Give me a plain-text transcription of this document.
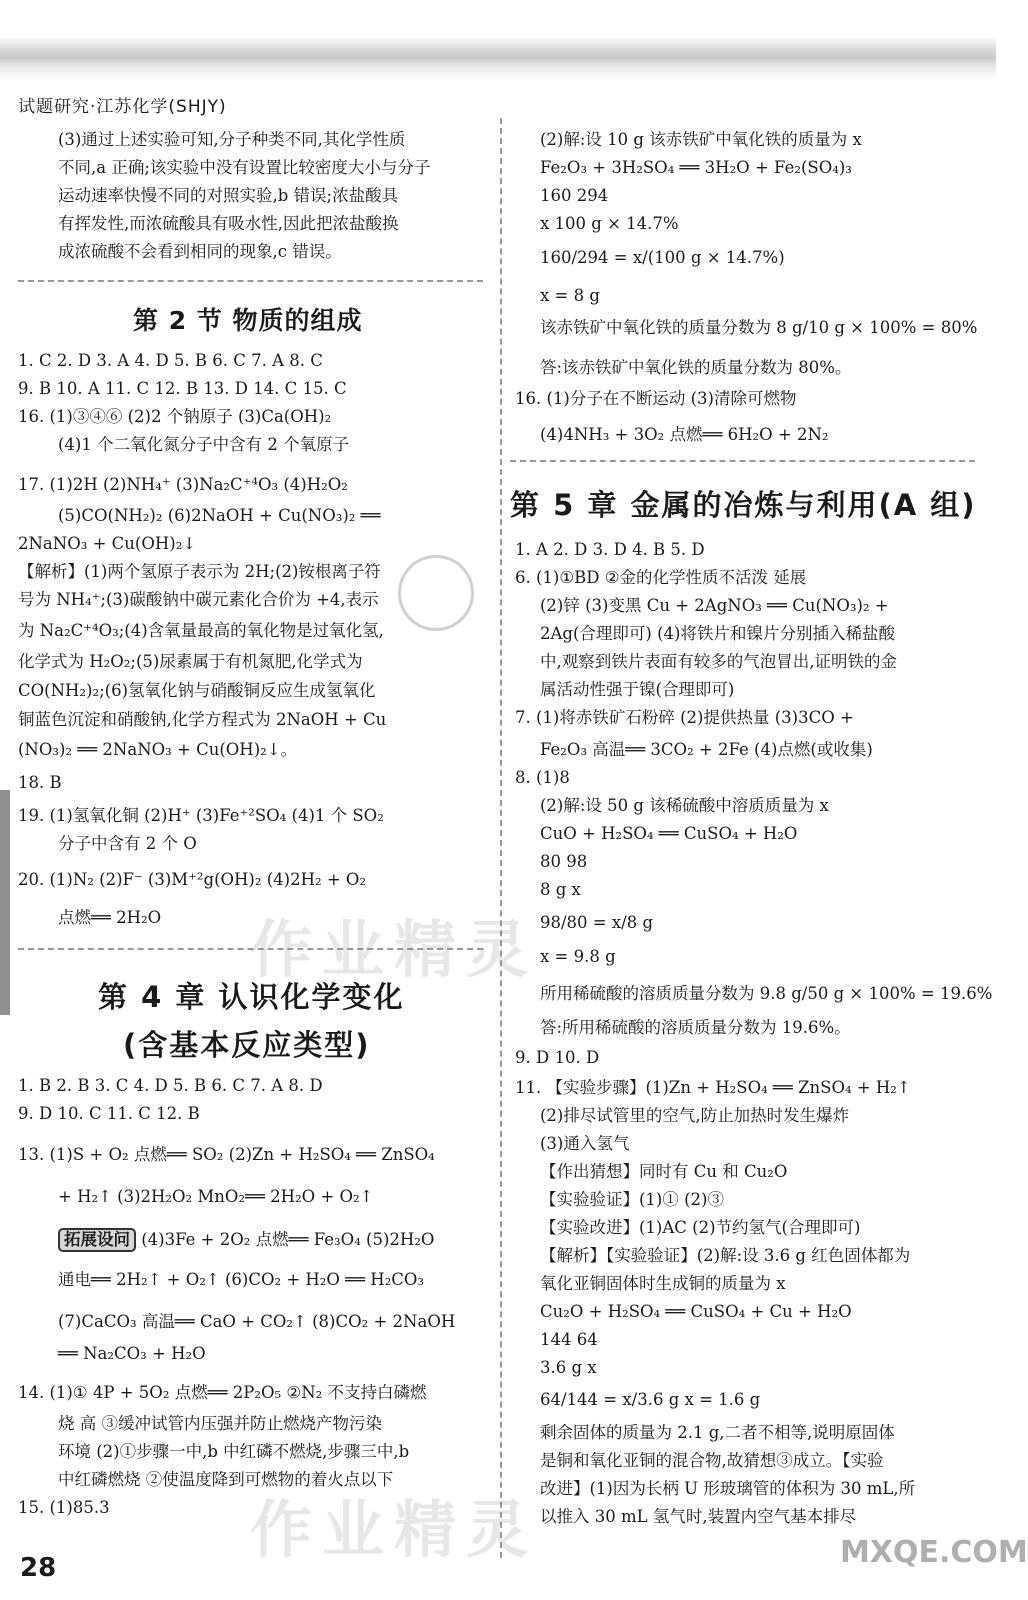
试题研究·江苏化学(SHJY)
(3)通过上述实验可知,分子种类不同,其化学性质
不同,a 正确;该实验中没有设置比较密度大小与分子
运动速率快慢不同的对照实验,b 错误;浓盐酸具
有挥发性,而浓硫酸具有吸水性,因此把浓盐酸换
成浓硫酸不会看到相同的现象,c 错误。
第 2 节 物质的组成
1. C 2. D 3. A 4. D 5. B 6. C 7. A 8. C
9. B 10. A 11. C 12. B 13. D 14. C 15. C
16. (1)③④⑥ (2)2 个钠原子 (3)Ca(OH)₂
(4)1 个二氧化氮分子中含有 2 个氧原子
17. (1)2H (2)NH₄⁺ (3)Na₂C⁺⁴O₃ (4)H₂O₂
(5)CO(NH₂)₂ (6)2NaOH + Cu(NO₃)₂ ══
2NaNO₃ + Cu(OH)₂↓
【解析】(1)两个氢原子表示为 2H;(2)铵根离子符
号为 NH₄⁺;(3)碳酸钠中碳元素化合价为 +4,表示
为 Na₂C⁺⁴O₃;(4)含氧量最高的氧化物是过氧化氢,
化学式为 H₂O₂;(5)尿素属于有机氮肥,化学式为
CO(NH₂)₂;(6)氢氧化钠与硝酸铜反应生成氢氧化
铜蓝色沉淀和硝酸钠,化学方程式为 2NaOH + Cu
(NO₃)₂ ══ 2NaNO₃ + Cu(OH)₂↓。
18. B
19. (1)氢氧化铜 (2)H⁺ (3)Fe⁺²SO₄ (4)1 个 SO₂
分子中含有 2 个 O
20. (1)N₂ (2)F⁻ (3)M⁺²g(OH)₂ (4)2H₂ + O₂
点燃══ 2H₂O
第 4 章 认识化学变化
(含基本反应类型)
1. B 2. B 3. C 4. D 5. B 6. C 7. A 8. D
9. D 10. C 11. C 12. B
13. (1)S + O₂ 点燃══ SO₂ (2)Zn + H₂SO₄ ══ ZnSO₄
+ H₂↑ (3)2H₂O₂ MnO₂══ 2H₂O + O₂↑
拓展设问 (4)3Fe + 2O₂ 点燃══ Fe₃O₄ (5)2H₂O
通电══ 2H₂↑ + O₂↑ (6)CO₂ + H₂O ══ H₂CO₃
(7)CaCO₃ 高温══ CaO + CO₂↑ (8)CO₂ + 2NaOH
══ Na₂CO₃ + H₂O
14. (1)① 4P + 5O₂ 点燃══ 2P₂O₅ ②N₂ 不支持白磷燃
烧 高 ③缓冲试管内压强并防止燃烧产物污染
环境 (2)①步骤一中,b 中红磷不燃烧,步骤三中,b
中红磷燃烧 ②使温度降到可燃物的着火点以下
15. (1)85.3
(2)解:设 10 g 该赤铁矿中氧化铁的质量为 x
Fe₂O₃ + 3H₂SO₄ ══ 3H₂O + Fe₂(SO₄)₃
160 294
x 100 g × 14.7%
160/294 = x/(100 g × 14.7%)
x = 8 g
该赤铁矿中氧化铁的质量分数为 8 g/10 g × 100% = 80%
答:该赤铁矿中氧化铁的质量分数为 80%。
16. (1)分子在不断运动 (3)清除可燃物
(4)4NH₃ + 3O₂ 点燃══ 6H₂O + 2N₂
第 5 章 金属的冶炼与利用(A 组)
1. A 2. D 3. D 4. B 5. D
6. (1)①BD ②金的化学性质不活泼 延展
(2)锌 (3)变黑 Cu + 2AgNO₃ ══ Cu(NO₃)₂ +
2Ag(合理即可) (4)将铁片和镍片分别插入稀盐酸
中,观察到铁片表面有较多的气泡冒出,证明铁的金
属活动性强于镍(合理即可)
7. (1)将赤铁矿石粉碎 (2)提供热量 (3)3CO +
Fe₂O₃ 高温══ 3CO₂ + 2Fe (4)点燃(或收集)
8. (1)8
(2)解:设 50 g 该稀硫酸中溶质质量为 x
CuO + H₂SO₄ ══ CuSO₄ + H₂O
80 98
8 g x
98/80 = x/8 g
x = 9.8 g
所用稀硫酸的溶质质量分数为 9.8 g/50 g × 100% = 19.6%
答:所用稀硫酸的溶质质量分数为 19.6%。
9. D 10. D
11. 【实验步骤】(1)Zn + H₂SO₄ ══ ZnSO₄ + H₂↑
(2)排尽试管里的空气,防止加热时发生爆炸
(3)通入氢气
【作出猜想】同时有 Cu 和 Cu₂O
【实验验证】(1)① (2)③
【实验改进】(1)AC (2)节约氢气(合理即可)
【解析】【实验验证】(2)解:设 3.6 g 红色固体都为
氧化亚铜固体时生成铜的质量为 x
Cu₂O + H₂SO₄ ══ CuSO₄ + Cu + H₂O
144 64
3.6 g x
64/144 = x/3.6 g x = 1.6 g
剩余固体的质量为 2.1 g,二者不相等,说明原固体
是铜和氧化亚铜的混合物,故猜想③成立。【实验
改进】(1)因为长柄 U 形玻璃管的体积为 30 mL,所
以推入 30 mL 氢气时,装置内空气基本排尽
作业精灵
作业精灵	MXQE.COM
28
